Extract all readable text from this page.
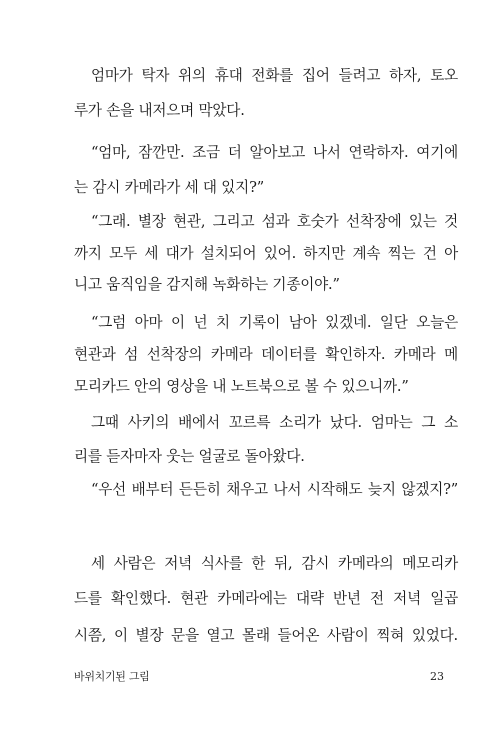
엄마가 탁자 위의 휴대 전화를 집어 들려고 하자, 토오
루가 손을 내저으며 막았다.
“엄마, 잠깐만. 조금 더 알아보고 나서 연락하자. 여기에
는 감시 카메라가 세 대 있지?”
“그래. 별장 현관, 그리고 섬과 호숫가 선착장에 있는 것
까지 모두 세 대가 설치되어 있어. 하지만 계속 찍는 건 아
니고 움직임을 감지해 녹화하는 기종이야.”
“그럼 아마 이 넌 치 기록이 남아 있겠네. 일단 오늘은
현관과 섬 선착장의 카메라 데이터를 확인하자. 카메라 메
모리카드 안의 영상을 내 노트북으로 볼 수 있으니까.”
그때 사키의 배에서 꼬르륵 소리가 났다. 엄마는 그 소
리를 듣자마자 웃는 얼굴로 돌아왔다.
“우선 배부터 든든히 채우고 나서 시작해도 늦지 않겠지?”
세 사람은 저녁 식사를 한 뒤, 감시 카메라의 메모리카
드를 확인했다. 현관 카메라에는 대략 반년 전 저녁 일곱
시쯤, 이 별장 문을 열고 몰래 들어온 사람이 찍혀 있었다.
바위치기된 그림	23
